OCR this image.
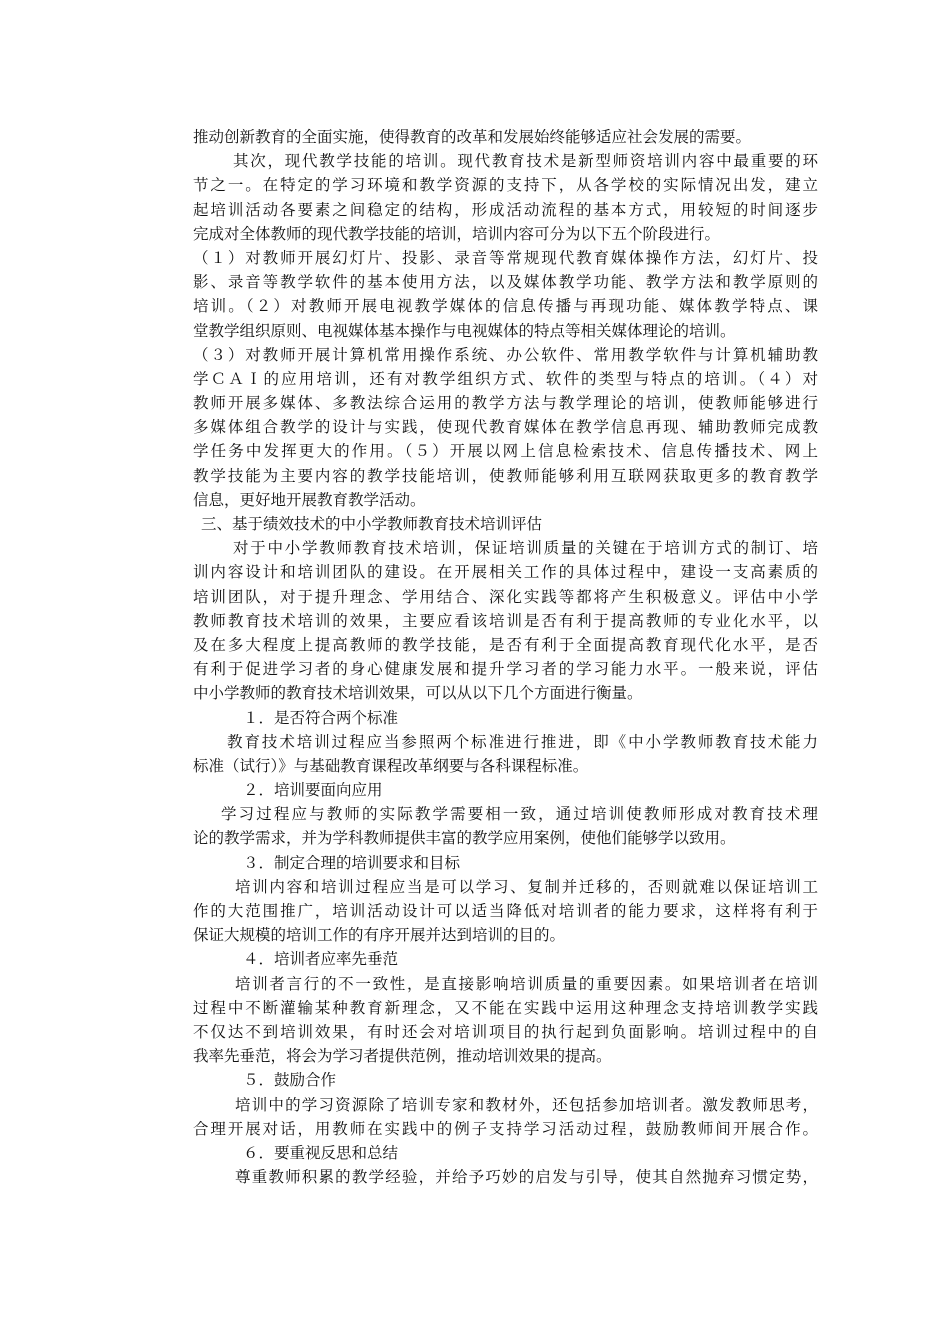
推动创新教育的全面实施，使得教育的改革和发展始终能够适应社会发展的需要。
其次，现代教学技能的培训。现代教育技术是新型师资培训内容中最重要的环
节之一。在特定的学习环境和教学资源的支持下，从各学校的实际情况出发，建立
起培训活动各要素之间稳定的结构，形成活动流程的基本方式，用较短的时间逐步
完成对全体教师的现代教学技能的培训，培训内容可分为以下五个阶段进行。
（１）对教师开展幻灯片、投影、录音等常规现代教育媒体操作方法，幻灯片、投
影、录音等教学软件的基本使用方法，以及媒体教学功能、教学方法和教学原则的
培训。（２）对教师开展电视教学媒体的信息传播与再现功能、媒体教学特点、课
堂教学组织原则、电视媒体基本操作与电视媒体的特点等相关媒体理论的培训。
（３）对教师开展计算机常用操作系统、办公软件、常用教学软件与计算机辅助教
学ＣＡＩ的应用培训，还有对教学组织方式、软件的类型与特点的培训。（４）对
教师开展多媒体、多教法综合运用的教学方法与教学理论的培训，使教师能够进行
多媒体组合教学的设计与实践，使现代教育媒体在教学信息再现、辅助教师完成教
学任务中发挥更大的作用。（５）开展以网上信息检索技术、信息传播技术、网上
教学技能为主要内容的教学技能培训，使教师能够利用互联网获取更多的教育教学
信息，更好地开展教育教学活动。
三、基于绩效技术的中小学教师教育技术培训评估
对于中小学教师教育技术培训，保证培训质量的关键在于培训方式的制订、培
训内容设计和培训团队的建设。在开展相关工作的具体过程中，建设一支高素质的
培训团队，对于提升理念、学用结合、深化实践等都将产生积极意义。评估中小学
教师教育技术培训的效果，主要应看该培训是否有利于提高教师的专业化水平，以
及在多大程度上提高教师的教学技能，是否有利于全面提高教育现代化水平，是否
有利于促进学习者的身心健康发展和提升学习者的学习能力水平。一般来说，评估
中小学教师的教育技术培训效果，可以从以下几个方面进行衡量。
１．是否符合两个标准
教育技术培训过程应当参照两个标准进行推进，即《中小学教师教育技术能力
标准（试行）》与基础教育课程改革纲要与各科课程标准。
２．培训要面向应用
学习过程应与教师的实际教学需要相一致，通过培训使教师形成对教育技术理
论的教学需求，并为学科教师提供丰富的教学应用案例，使他们能够学以致用。
３．制定合理的培训要求和目标
培训内容和培训过程应当是可以学习、复制并迁移的，否则就难以保证培训工
作的大范围推广，培训活动设计可以适当降低对培训者的能力要求，这样将有利于
保证大规模的培训工作的有序开展并达到培训的目的。
４．培训者应率先垂范
培训者言行的不一致性，是直接影响培训质量的重要因素。如果培训者在培训
过程中不断灌输某种教育新理念，又不能在实践中运用这种理念支持培训教学实践
不仅达不到培训效果，有时还会对培训项目的执行起到负面影响。培训过程中的自
我率先垂范，将会为学习者提供范例，推动培训效果的提高。
５．鼓励合作
培训中的学习资源除了培训专家和教材外，还包括参加培训者。激发教师思考，
合理开展对话，用教师在实践中的例子支持学习活动过程，鼓励教师间开展合作。
６．要重视反思和总结
尊重教师积累的教学经验，并给予巧妙的启发与引导，使其自然抛弃习惯定势，
